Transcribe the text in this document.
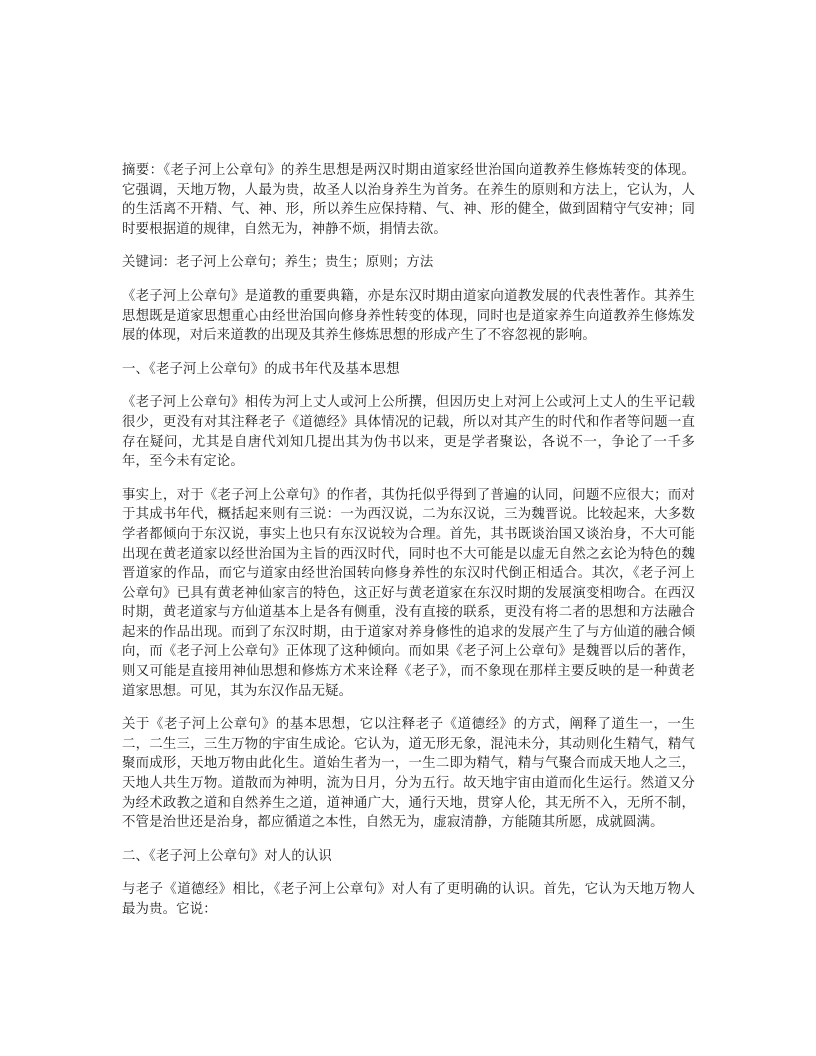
摘要：《老子河上公章句》的养生思想是两汉时期由道家经世治国向道教养生修炼转变的体现。它强调，天地万物，人最为贵，故圣人以治身养生为首务。在养生的原则和方法上，它认为，人的生活离不开精、气、神、形，所以养生应保持精、气、神、形的健全，做到固精守气安神；同时要根据道的规律，自然无为，神静不烦，捐情去欲。

关键词：老子河上公章句；养生；贵生；原则；方法

《老子河上公章句》是道教的重要典籍，亦是东汉时期由道家向道教发展的代表性著作。其养生思想既是道家思想重心由经世治国向修身养性转变的体现，同时也是道家养生向道教养生修炼发展的体现，对后来道教的出现及其养生修炼思想的形成产生了不容忽视的影响。

一、《老子河上公章句》的成书年代及基本思想

《老子河上公章句》相传为河上丈人或河上公所撰，但因历史上对河上公或河上丈人的生平记载很少，更没有对其注释老子《道德经》具体情况的记载，所以对其产生的时代和作者等问题一直存在疑问，尤其是自唐代刘知几提出其为伪书以来，更是学者聚讼，各说不一，争论了一千多年，至今未有定论。

事实上，对于《老子河上公章句》的作者，其伪托似乎得到了普遍的认同，问题不应很大；而对于其成书年代，概括起来则有三说：一为西汉说，二为东汉说，三为魏晋说。比较起来，大多数学者都倾向于东汉说，事实上也只有东汉说较为合理。首先，其书既谈治国又谈治身，不大可能出现在黄老道家以经世治国为主旨的西汉时代，同时也不大可能是以虚无自然之玄论为特色的魏晋道家的作品，而它与道家由经世治国转向修身养性的东汉时代倒正相适合。其次，《老子河上公章句》已具有黄老神仙家言的特色，这正好与黄老道家在东汉时期的发展演变相吻合。在西汉时期，黄老道家与方仙道基本上是各有侧重，没有直接的联系，更没有将二者的思想和方法融合起来的作品出现。而到了东汉时期，由于道家对养身修性的追求的发展产生了与方仙道的融合倾向，而《老子河上公章句》正体现了这种倾向。而如果《老子河上公章句》是魏晋以后的著作，则又可能是直接用神仙思想和修炼方术来诠释《老子》，而不象现在那样主要反映的是一种黄老道家思想。可见，其为东汉作品无疑。

关于《老子河上公章句》的基本思想，它以注释老子《道德经》的方式，阐释了道生一，一生二，二生三，三生万物的宇宙生成论。它认为，道无形无象，混沌未分，其动则化生精气，精气聚而成形，天地万物由此化生。道始生者为一，一生二即为精气，精与气聚合而成天地人之三，天地人共生万物。道散而为神明，流为日月，分为五行。故天地宇宙由道而化生运行。然道又分为经术政教之道和自然养生之道，道神通广大，通行天地，贯穿人伦，其无所不入，无所不制，不管是治世还是治身，都应循道之本性，自然无为，虚寂清静，方能随其所愿，成就圆满。

二、《老子河上公章句》对人的认识

与老子《道德经》相比，《老子河上公章句》对人有了更明确的认识。首先，它认为天地万物人最为贵。它说：
